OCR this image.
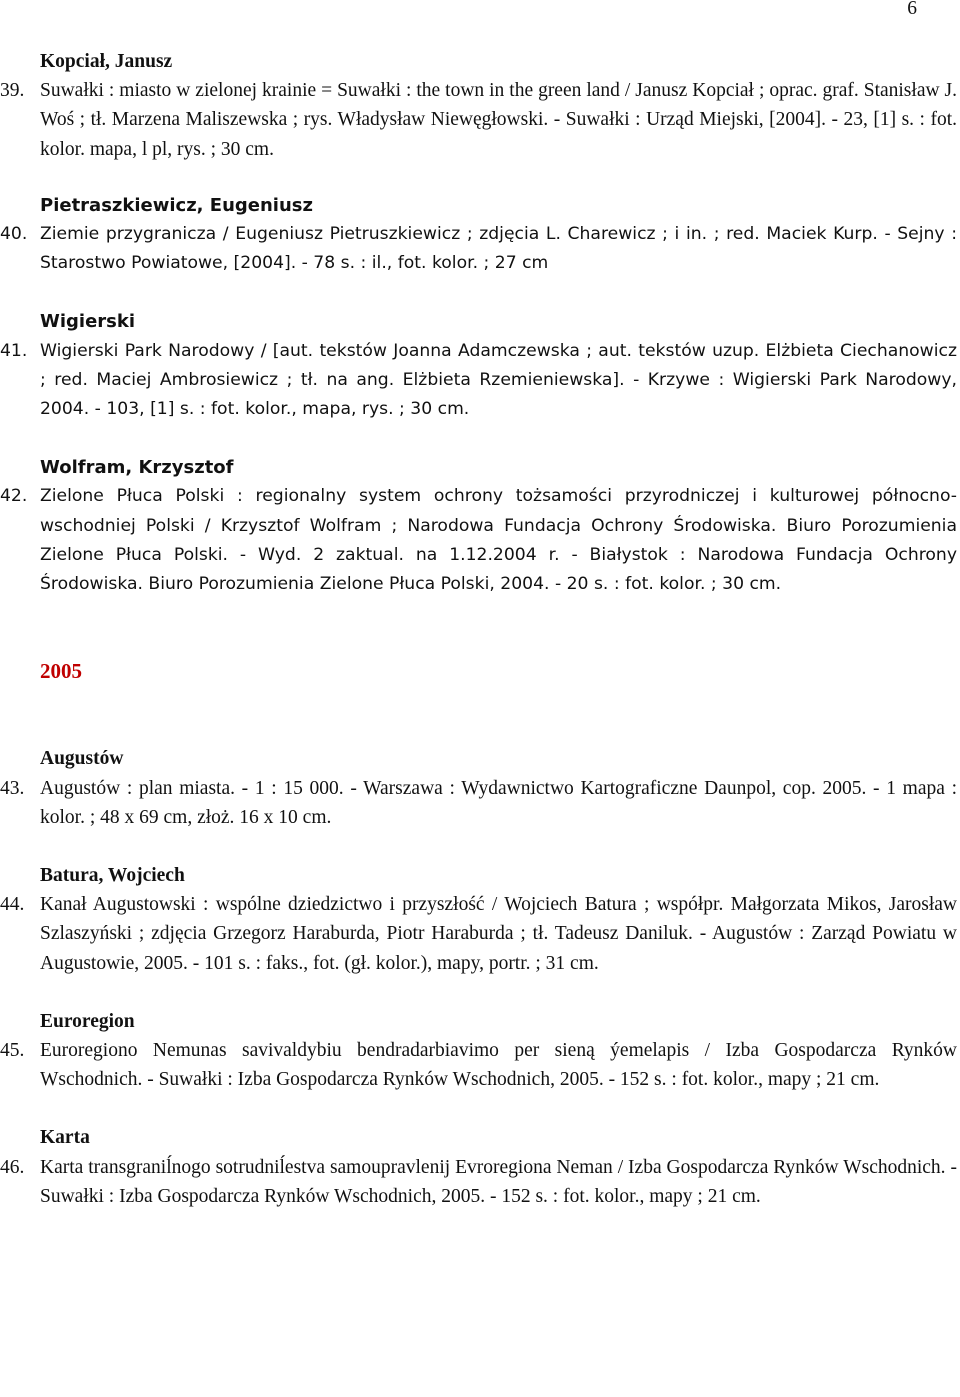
6

Kopciał, Janusz

39. Suwałki : miasto w zielonej krainie = Suwałki : the town in the green land / Janusz Kopciał ; oprac. graf. Stanisław J. Woś ; tł. Marzena Maliszewska ; rys. Władysław Niewęgłowski. - Suwałki : Urząd Miejski, [2004]. - 23, [1] s. : fot. kolor. mapa, l pl, rys. ; 30 cm.

Pietraszkiewicz, Eugeniusz

40. Ziemie przygranicza / Eugeniusz Pietruszkiewicz ; zdjęcia L. Charewicz ; i in. ; red. Maciek Kurp. - Sejny : Starostwo Powiatowe, [2004]. - 78 s. : il., fot. kolor. ; 27 cm

Wigierski

41. Wigierski Park Narodowy / [aut. tekstów Joanna Adamczewska ; aut. tekstów uzup. Elżbieta Ciechanowicz ; red. Maciej Ambrosiewicz ; tł. na ang. Elżbieta Rzemieniewska]. - Krzywe : Wigierski Park Narodowy, 2004. - 103, [1] s. : fot. kolor., mapa, rys. ; 30 cm.

Wolfram, Krzysztof

42. Zielone Płuca Polski : regionalny system ochrony tożsamości przyrodniczej i kulturowej północno-wschodniej Polski / Krzysztof Wolfram ; Narodowa Fundacja Ochrony Środowiska. Biuro Porozumienia Zielone Płuca Polski. - Wyd. 2 zaktual. na 1.12.2004 r. - Białystok : Narodowa Fundacja Ochrony Środowiska. Biuro Porozumienia Zielone Płuca Polski, 2004. - 20 s. : fot. kolor. ; 30 cm.

2005

Augustów

43. Augustów : plan miasta. - 1 : 15 000. - Warszawa : Wydawnictwo Kartograficzne Daunpol, cop. 2005. - 1 mapa : kolor. ; 48 x 69 cm, złoż. 16 x 10 cm.

Batura, Wojciech

44. Kanał Augustowski : wspólne dziedzictwo i przyszłość / Wojciech Batura ; współpr. Małgorzata Mikos, Jarosław Szlaszyński ; zdjęcia Grzegorz Haraburda, Piotr Haraburda ; tł. Tadeusz Daniluk. - Augustów : Zarząd Powiatu w Augustowie, 2005. - 101 s. : faks., fot. (gł. kolor.), mapy, portr. ; 31 cm.

Euroregion

45. Euroregiono Nemunas savivaldybiu bendradarbiavimo per sieną ýemelapis / Izba Gospodarcza Rynków Wschodnich. - Suwałki : Izba Gospodarcza Rynków Wschodnich, 2005. - 152 s. : fot. kolor., mapy ; 21 cm.

Karta

46. Karta transgraniĺnogo sotrudniĺestva samoupravlenij Evroregiona Neman / Izba Gospodarcza Rynków Wschodnich. - Suwałki : Izba Gospodarcza Rynków Wschodnich, 2005. - 152 s. : fot. kolor., mapy ; 21 cm.
